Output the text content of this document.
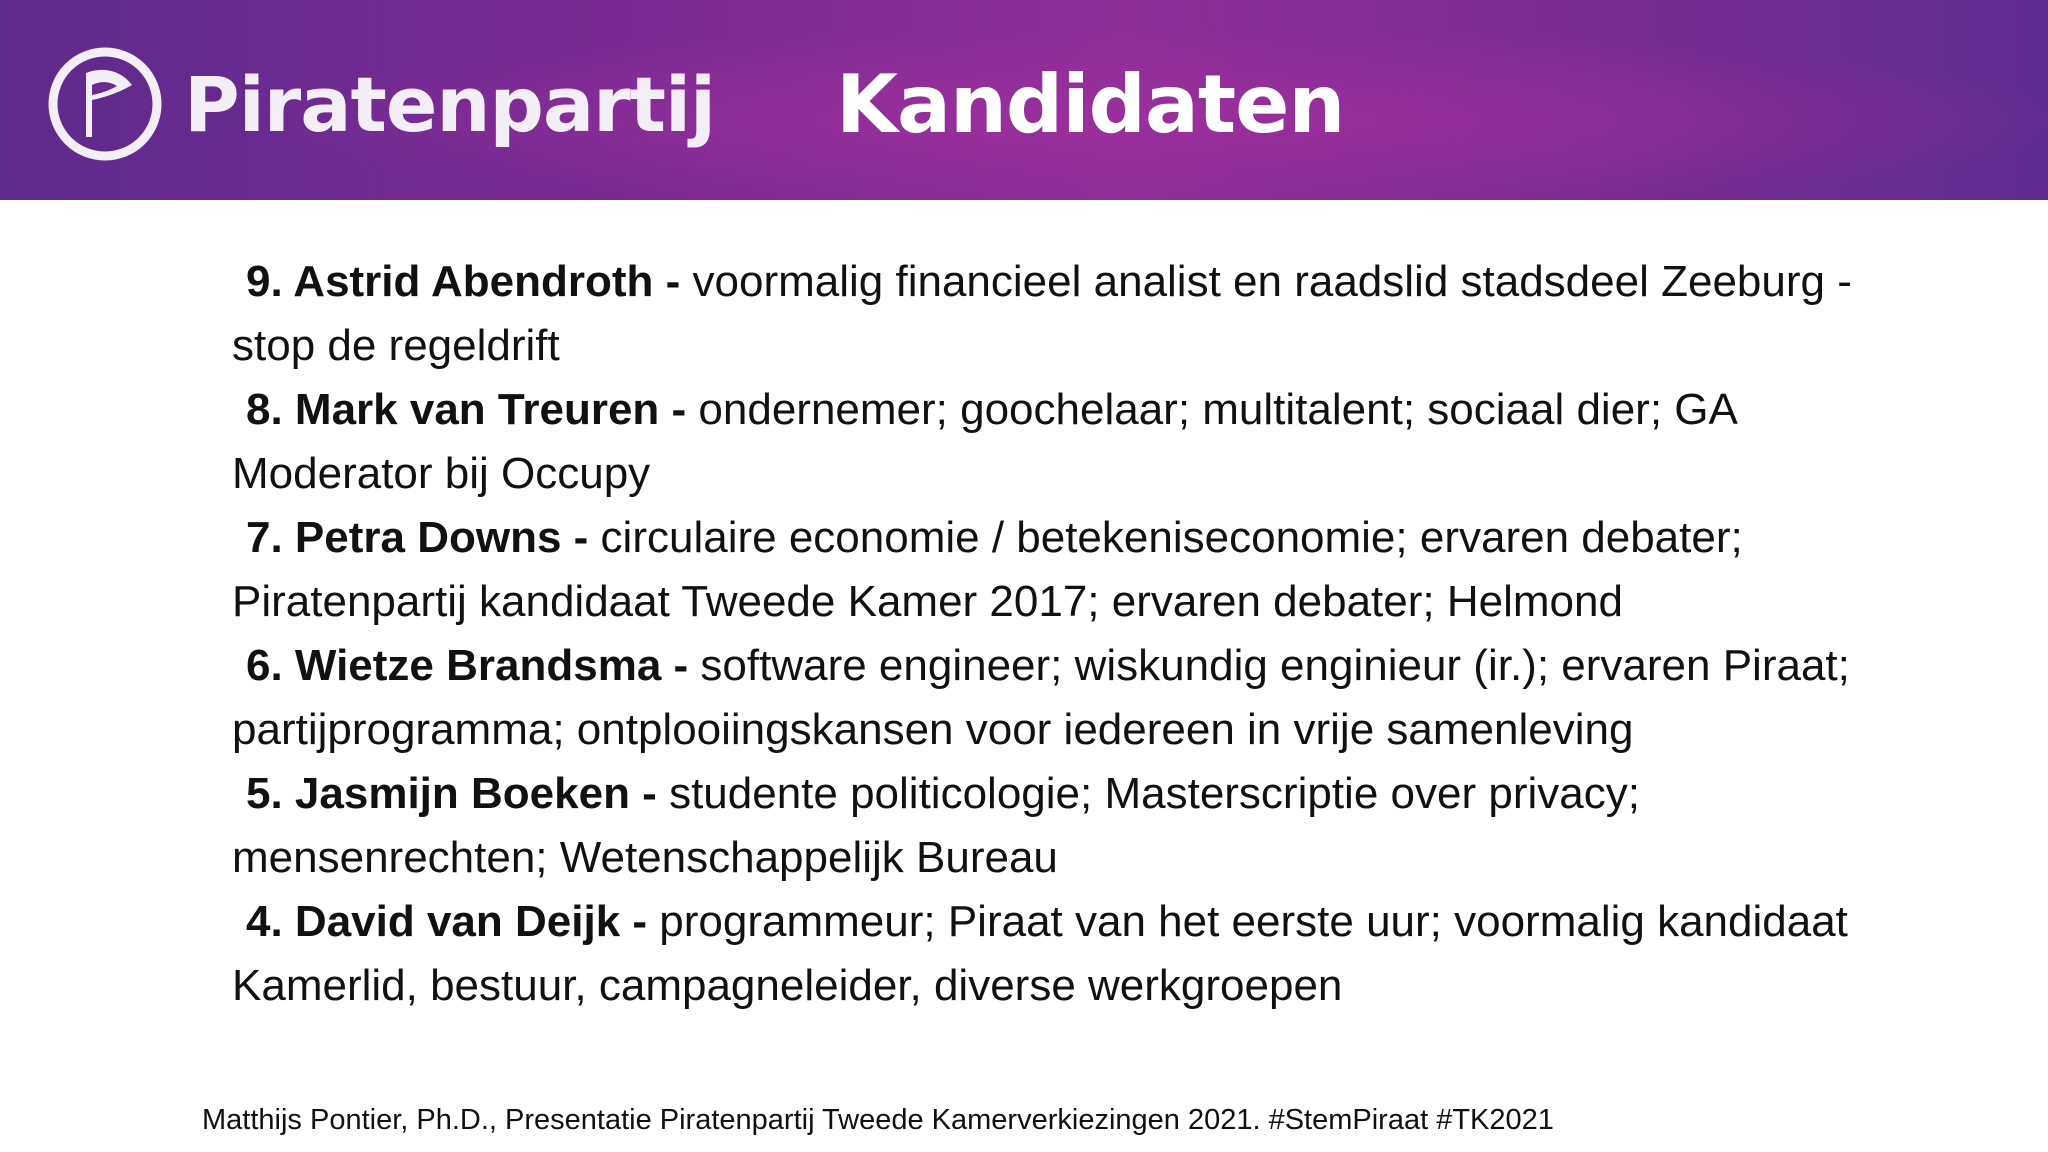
Piratenpartij Kandidaten
9. Astrid Abendroth - voormalig financieel analist en raadslid stadsdeel Zeeburg - stop de regeldrift
8. Mark van Treuren - ondernemer; goochelaar; multitalent; sociaal dier; GA Moderator bij Occupy
7. Petra Downs - circulaire economie / betekeniseconomie; ervaren debater; Piratenpartij kandidaat Tweede Kamer 2017; ervaren debater; Helmond
6. Wietze Brandsma - software engineer; wiskundig enginieur (ir.); ervaren Piraat; partijprogramma; ontplooiingskansen voor iedereen in vrije samenleving
5. Jasmijn Boeken - studente politicologie; Masterscriptie over privacy; mensenrechten; Wetenschappelijk Bureau
4. David van Deijk - programmeur; Piraat van het eerste uur; voormalig kandidaat Kamerlid, bestuur, campagneleider, diverse werkgroepen
Matthijs Pontier, Ph.D., Presentatie Piratenpartij Tweede Kamerverkiezingen 2021. #StemPiraat #TK2021
